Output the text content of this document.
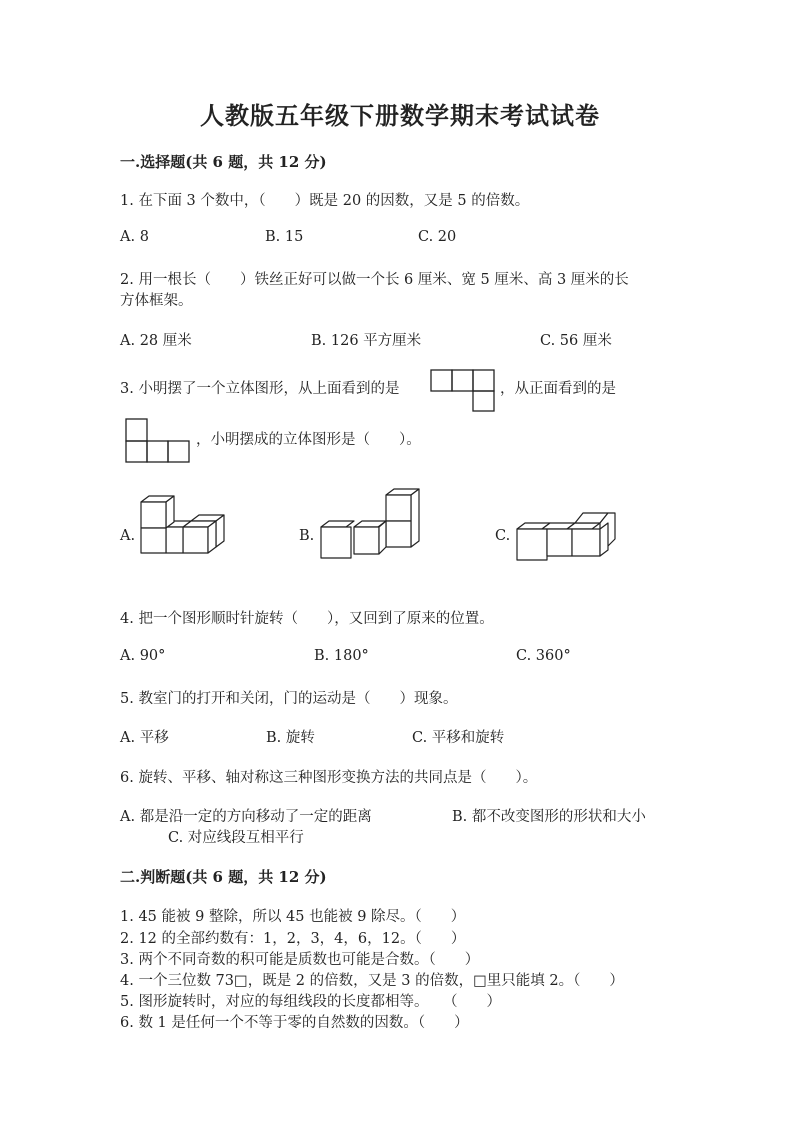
人教版五年级下册数学期末考试试卷
一.选择题(共 6 题，共 12 分)
1. 在下面 3 个数中，（　　）既是 20 的因数，又是 5 的倍数。
A. 8	B. 15	C. 20
2. 用一根长（　　）铁丝正好可以做一个长 6 厘米、宽 5 厘米、高 3 厘米的长
方体框架。
A. 28 厘米	B. 126 平方厘米	C. 56 厘米
3. 小明摆了一个立体图形，从上面看到的是	，从正面看到的是
，小明摆成的立体图形是（　　）。
A.	B.	C.
4. 把一个图形顺时针旋转（　　），又回到了原来的位置。
A. 90°	B. 180°	C. 360°
5. 教室门的打开和关闭，门的运动是（　　）现象。
A. 平移	B. 旋转	C. 平移和旋转
6. 旋转、平移、轴对称这三种图形变换方法的共同点是（　　）。
A. 都是沿一定的方向移动了一定的距离	B. 都不改变图形的形状和大小
C. 对应线段互相平行
二.判断题(共 6 题，共 12 分)
1. 45 能被 9 整除，所以 45 也能被 9 除尽。（　　）
2. 12 的全部约数有：1，2，3，4，6，12。（　　）
3. 两个不同奇数的积可能是质数也可能是合数。（　　）
4. 一个三位数 73□，既是 2 的倍数，又是 3 的倍数，□里只能填 2。（　　）
5. 图形旋转时，对应的每组线段的长度都相等。　　（　　）
6. 数 1 是任何一个不等于零的自然数的因数。（　　）
